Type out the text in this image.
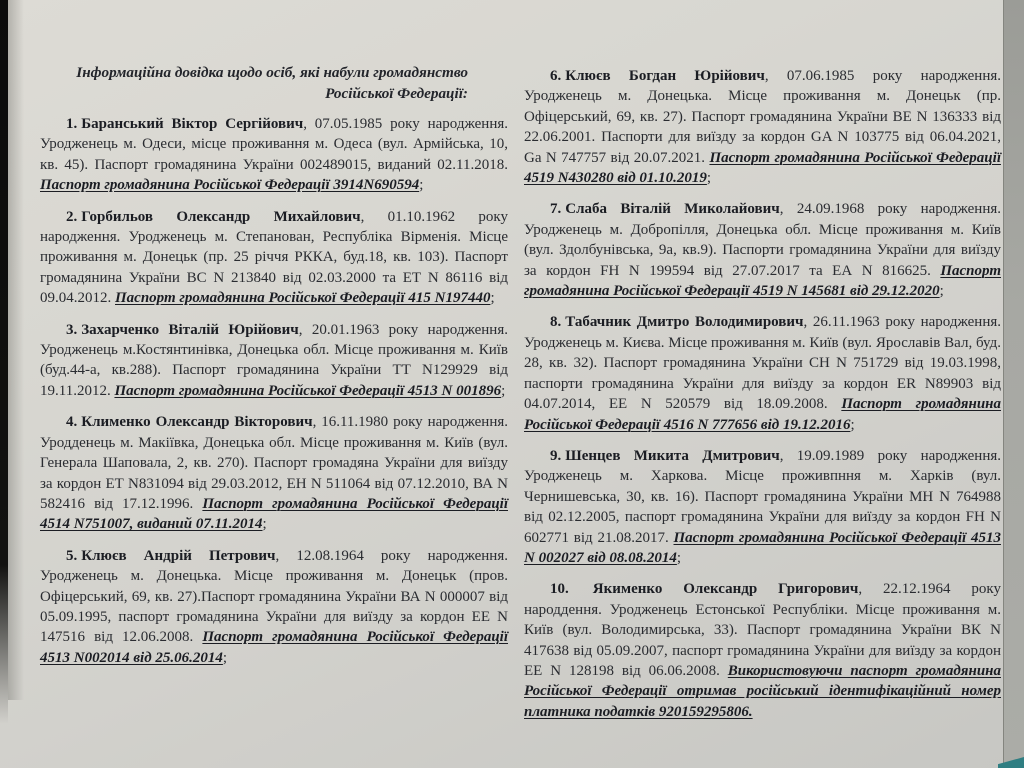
Інформаційна довідка щодо осіб, які набули громадянство
Російської Федерації:

1. Баранський Віктор Сергійович, 07.05.1985 року народження. Уродженець м. Одеси, місце проживання м. Одеса (вул. Армійська, 10, кв. 45). Паспорт громадянина України 002489015, виданий 02.11.2018. Паспорт громадянина Російської Федерації 3914N690594;

2. Горбильов Олександр Михайлович, 01.10.1962 року народження. Уродженець м. Степанован, Республіка Вірменія. Місце проживання м. Донецьк (пр. 25 річчя РККА, буд.18, кв. 103). Паспорт громадянина України ВС N 213840 від 02.03.2000 та ЕТ N 86116 від 09.04.2012. Паспорт громадянина Російської Федерації 415 N197440;

3. Захарченко Віталій Юрійович, 20.01.1963 року народження. Уродженець м.Костянтинівка, Донецька обл. Місце проживання м. Київ (буд.44-а, кв.288). Паспорт громадянина України ТТ N129929 від 19.11.2012. Паспорт громадянина Російської Федерації 4513 N 001896;

4. Клименко Олександр Вікторович, 16.11.1980 року народження. Уродденець м. Макіївка, Донецька обл. Місце проживання м. Київ (вул. Генерала Шаповала, 2, кв. 270). Паспорт громадяна України для виїзду за кордон ЕТ N831094 від 29.03.2012, ЕН N 511064 від 07.12.2010, ВА N 582416 від 17.12.1996. Паспорт громадянина Російської Федерації 4514 N751007, виданий 07.11.2014;

5. Клюєв Андрій Петрович, 12.08.1964 року народження. Уродженець м. Донецька. Місце проживання м. Донецьк (пров. Офіцерський, 69, кв. 27).Паспорт громадянина України ВА N 000007 від 05.09.1995, паспорт громадянина України для виїзду за кордон ЕЕ N 147516 від 12.06.2008. Паспорт громадянина Російської Федерації 4513 N002014 від 25.06.2014;

6. Клюєв Богдан Юрійович, 07.06.1985 року народження. Уродженець м. Донецька. Місце проживання м. Донецьк (пр. Офіцерський, 69, кв. 27). Паспорт громадянина України ВЕ N 136333 від 22.06.2001. Паспорти для виїзду за кордон GA N 103775 від 06.04.2021, Ga N 747757 від 20.07.2021. Паспорт громадянина Російської Федерації 4519 N430280 від 01.10.2019;

7. Слаба Віталій Миколайович, 24.09.1968 року народження. Уродженець м. Добропілля, Донецька обл. Місце проживання м. Київ (вул. Здолбунівська, 9а, кв.9). Паспорти громадянина України для виїзду за кордон FH N 199594 від 27.07.2017 та ЕА N 816625. Паспорт громадянина Російської Федерації 4519 N 145681 від 29.12.2020;

8. Табачник Дмитро Володимирович, 26.11.1963 року народження. Уродженець м. Києва. Місце проживання м. Київ (вул. Ярославів Вал, буд. 28, кв. 32). Паспорт громадянина України СН N 751729 від 19.03.1998, паспорти громадянина України для виїзду за кордон ER N89903 від 04.07.2014, ЕЕ N 520579 від 18.09.2008. Паспорт громадянина Російської Федерації 4516 N 777656 від 19.12.2016;

9. Шенцев Микита Дмитрович, 19.09.1989 року народження. Уродженець м. Харкова. Місце проживпння м. Харків (вул. Чернишевська, 30, кв. 16). Паспорт громадянина України МН N 764988 від 02.12.2005, паспорт громадянина України для виїзду за кордон FH N 602771 від 21.08.2017. Паспорт громадянина Російської Федерації 4513 N 002027 від 08.08.2014;

10. Якименко Олександр Григорович, 22.12.1964 року народдення. Уродженець Естонської Республіки. Місце проживання м. Київ (вул. Володимирська, 33). Паспорт громадянина України ВК N 417638 від 05.09.2007, паспорт громадянина України для виїзду за кордон ЕЕ N 128198 від 06.06.2008. Використовуючи паспорт громадянина Російської Федерації отримав російський ідентифікаційний номер платника податків 920159295806.
